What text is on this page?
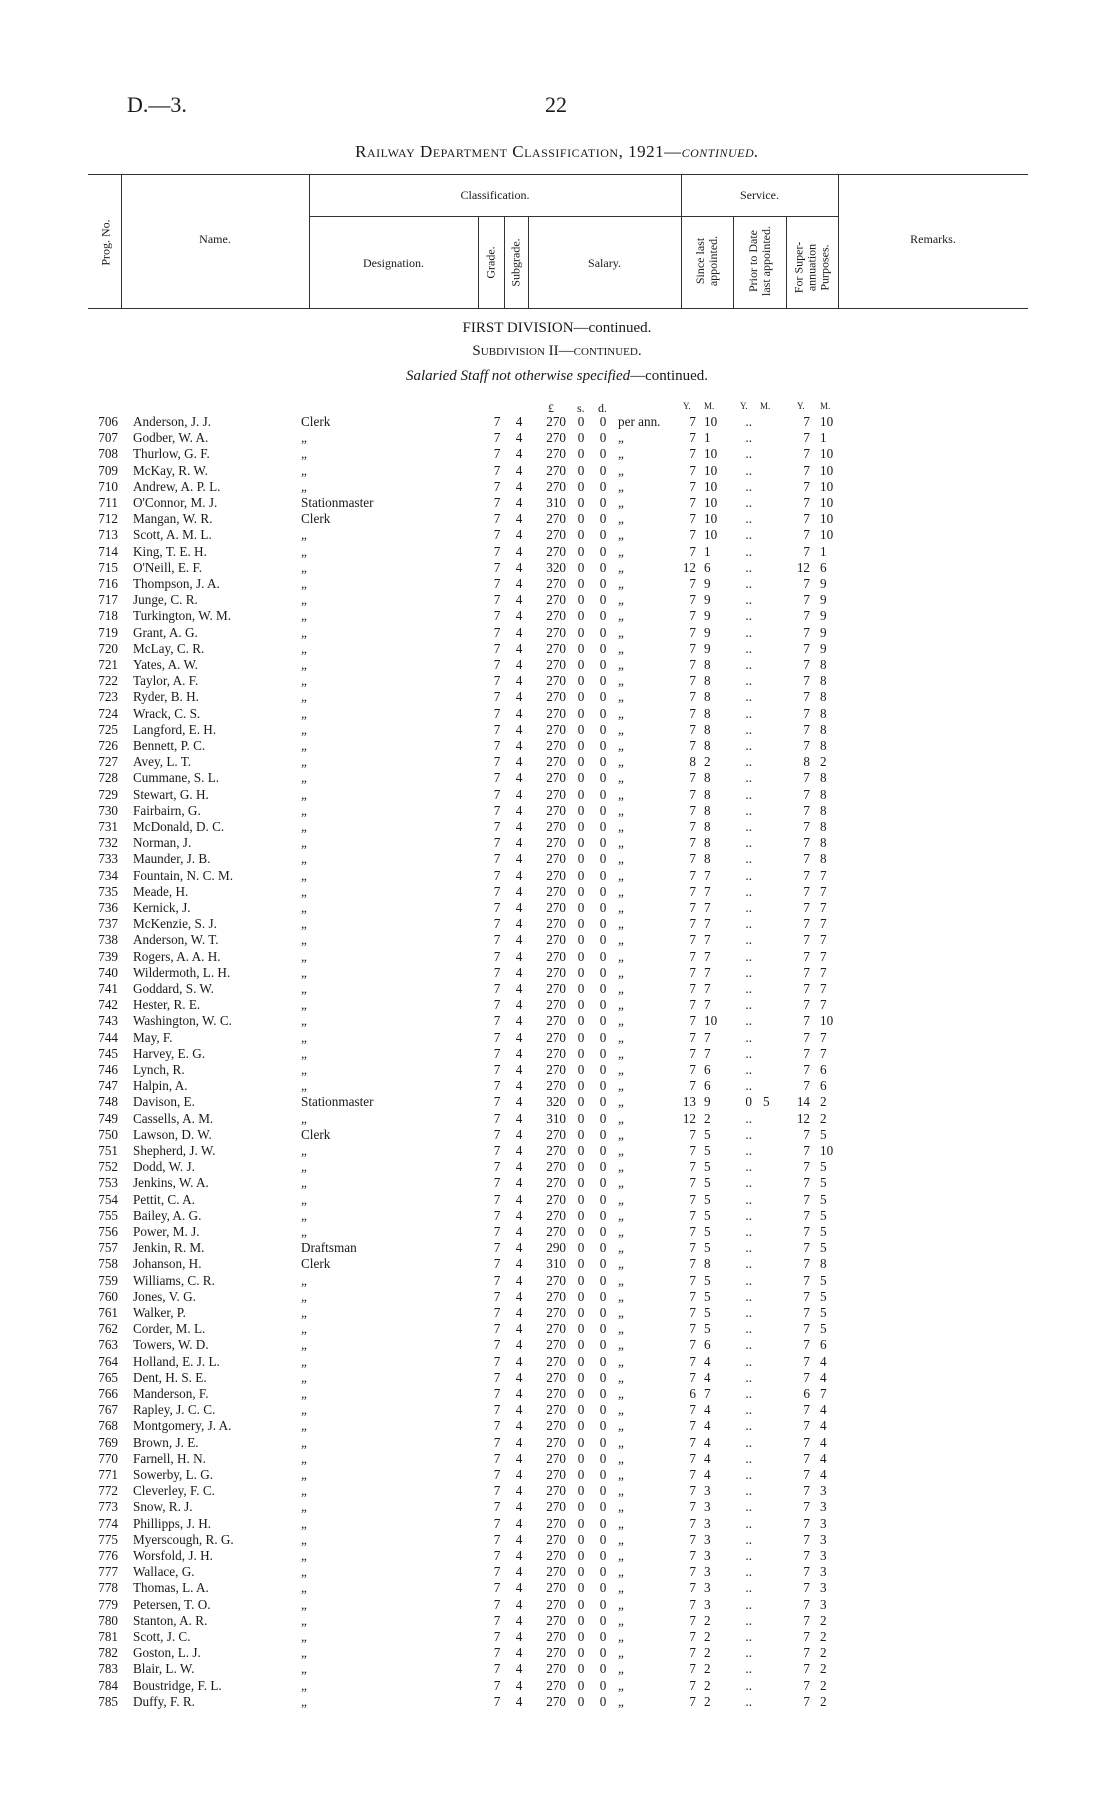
D.—3.	22
Railway Department Classification, 1921—continued.
Classification.	Service.
Prog. No.	Name.
Designation.	Grade. Subgrade.	Salary.	Since last appointed. Prior to Date last appointed. For Super-annuation Purposes.
Remarks.
FIRST DIVISION—continued.
Subdivision II—continued.
Salaried Staff not otherwise specified—continued.
£ s. d.	Y. M.	Y. M.	Y. M.
706 Anderson, J. J.	Clerk	7 4	270 0 0 per ann.	7 10	..	7 10
707 Godber, W. A.	„	7 4	270 0 0 „	7 1	..	7 1
708 Thurlow, G. F.	„	7 4	270 0 0 „	7 10	..	7 10
709 McKay, R. W.	„	7 4	270 0 0 „	7 10	..	7 10
710 Andrew, A. P. L.	„	7 4	270 0 0 „	7 10	..	7 10
711 O'Connor, M. J.	Stationmaster	7 4	310 0 0 „	7 10	..	7 10
712 Mangan, W. R.	Clerk	7 4	270 0 0 „	7 10	..	7 10
713 Scott, A. M. L.	„	7 4	270 0 0 „	7 10	..	7 10
714 King, T. E. H.	„	7 4	270 0 0 „	7 1	..	7 1
715 O'Neill, E. F.	„	7 4	320 0 0 „	12 6	..	12 6
716 Thompson, J. A.	„	7 4	270 0 0 „	7 9	..	7 9
717 Junge, C. R.	„	7 4	270 0 0 „	7 9	..	7 9
718 Turkington, W. M.	„	7 4	270 0 0 „	7 9	..	7 9
719 Grant, A. G.	„	7 4	270 0 0 „	7 9	..	7 9
720 McLay, C. R.	„	7 4	270 0 0 „	7 9	..	7 9
721 Yates, A. W.	„	7 4	270 0 0 „	7 8	..	7 8
722 Taylor, A. F.	„	7 4	270 0 0 „	7 8	..	7 8
723 Ryder, B. H.	„	7 4	270 0 0 „	7 8	..	7 8
724 Wrack, C. S.	„	7 4	270 0 0 „	7 8	..	7 8
725 Langford, E. H.	„	7 4	270 0 0 „	7 8	..	7 8
726 Bennett, P. C.	„	7 4	270 0 0 „	7 8	..	7 8
727 Avey, L. T.	„	7 4	270 0 0 „	8 2	..	8 2
728 Cummane, S. L.	„	7 4	270 0 0 „	7 8	..	7 8
729 Stewart, G. H.	„	7 4	270 0 0 „	7 8	..	7 8
730 Fairbairn, G.	„	7 4	270 0 0 „	7 8	..	7 8
731 McDonald, D. C.	„	7 4	270 0 0 „	7 8	..	7 8
732 Norman, J.	„	7 4	270 0 0 „	7 8	..	7 8
733 Maunder, J. B.	„	7 4	270 0 0 „	7 8	..	7 8
734 Fountain, N. C. M.	„	7 4	270 0 0 „	7 7	..	7 7
735 Meade, H.	„	7 4	270 0 0 „	7 7	..	7 7
736 Kernick, J.	„	7 4	270 0 0 „	7 7	..	7 7
737 McKenzie, S. J.	„	7 4	270 0 0 „	7 7	..	7 7
738 Anderson, W. T.	„	7 4	270 0 0 „	7 7	..	7 7
739 Rogers, A. A. H.	„	7 4	270 0 0 „	7 7	..	7 7
740 Wildermoth, L. H.	„	7 4	270 0 0 „	7 7	..	7 7
741 Goddard, S. W.	„	7 4	270 0 0 „	7 7	..	7 7
742 Hester, R. E.	„	7 4	270 0 0 „	7 7	..	7 7
743 Washington, W. C.	„	7 4	270 0 0 „	7 10	..	7 10
744 May, F.	„	7 4	270 0 0 „	7 7	..	7 7
745 Harvey, E. G.	„	7 4	270 0 0 „	7 7	..	7 7
746 Lynch, R.	„	7 4	270 0 0 „	7 6	..	7 6
747 Halpin, A.	„	7 4	270 0 0 „	7 6	..	7 6
748 Davison, E.	Stationmaster	7 4	320 0 0 „	13 9	0 5	14 2
749 Cassells, A. M.	„	7 4	310 0 0 „	12 2	..	12 2
750 Lawson, D. W.	Clerk	7 4	270 0 0 „	7 5	..	7 5
751 Shepherd, J. W.	„	7 4	270 0 0 „	7 5	..	7 10
752 Dodd, W. J.	„	7 4	270 0 0 „	7 5	..	7 5
753 Jenkins, W. A.	„	7 4	270 0 0 „	7 5	..	7 5
754 Pettit, C. A.	„	7 4	270 0 0 „	7 5	..	7 5
755 Bailey, A. G.	„	7 4	270 0 0 „	7 5	..	7 5
756 Power, M. J.	„	7 4	270 0 0 „	7 5	..	7 5
757 Jenkin, R. M.	Draftsman	7 4	290 0 0 „	7 5	..	7 5
758 Johanson, H.	Clerk	7 4	310 0 0 „	7 8	..	7 8
759 Williams, C. R.	„	7 4	270 0 0 „	7 5	..	7 5
760 Jones, V. G.	„	7 4	270 0 0 „	7 5	..	7 5
761 Walker, P.	„	7 4	270 0 0 „	7 5	..	7 5
762 Corder, M. L.	„	7 4	270 0 0 „	7 5	..	7 5
763 Towers, W. D.	„	7 4	270 0 0 „	7 6	..	7 6
764 Holland, E. J. L.	„	7 4	270 0 0 „	7 4	..	7 4
765 Dent, H. S. E.	„	7 4	270 0 0 „	7 4	..	7 4
766 Manderson, F.	„	7 4	270 0 0 „	6 7	..	6 7
767 Rapley, J. C. C.	„	7 4	270 0 0 „	7 4	..	7 4
768 Montgomery, J. A.	„	7 4	270 0 0 „	7 4	..	7 4
769 Brown, J. E.	„	7 4	270 0 0 „	7 4	..	7 4
770 Farnell, H. N.	„	7 4	270 0 0 „	7 4	..	7 4
771 Sowerby, L. G.	„	7 4	270 0 0 „	7 4	..	7 4
772 Cleverley, F. C.	„	7 4	270 0 0 „	7 3	..	7 3
773 Snow, R. J.	„	7 4	270 0 0 „	7 3	..	7 3
774 Phillipps, J. H.	„	7 4	270 0 0 „	7 3	..	7 3
775 Myerscough, R. G.	„	7 4	270 0 0 „	7 3	..	7 3
776 Worsfold, J. H.	„	7 4	270 0 0 „	7 3	..	7 3
777 Wallace, G.	„	7 4	270 0 0 „	7 3	..	7 3
778 Thomas, L. A.	„	7 4	270 0 0 „	7 3	..	7 3
779 Petersen, T. O.	„	7 4	270 0 0 „	7 3	..	7 3
780 Stanton, A. R.	„	7 4	270 0 0 „	7 2	..	7 2
781 Scott, J. C.	„	7 4	270 0 0 „	7 2	..	7 2
782 Goston, L. J.	„	7 4	270 0 0 „	7 2	..	7 2
783 Blair, L. W.	„	7 4	270 0 0 „	7 2	..	7 2
784 Boustridge, F. L.	„	7 4	270 0 0 „	7 2	..	7 2
785 Duffy, F. R.	„	7 4	270 0 0 „	7 2	..	7 2
